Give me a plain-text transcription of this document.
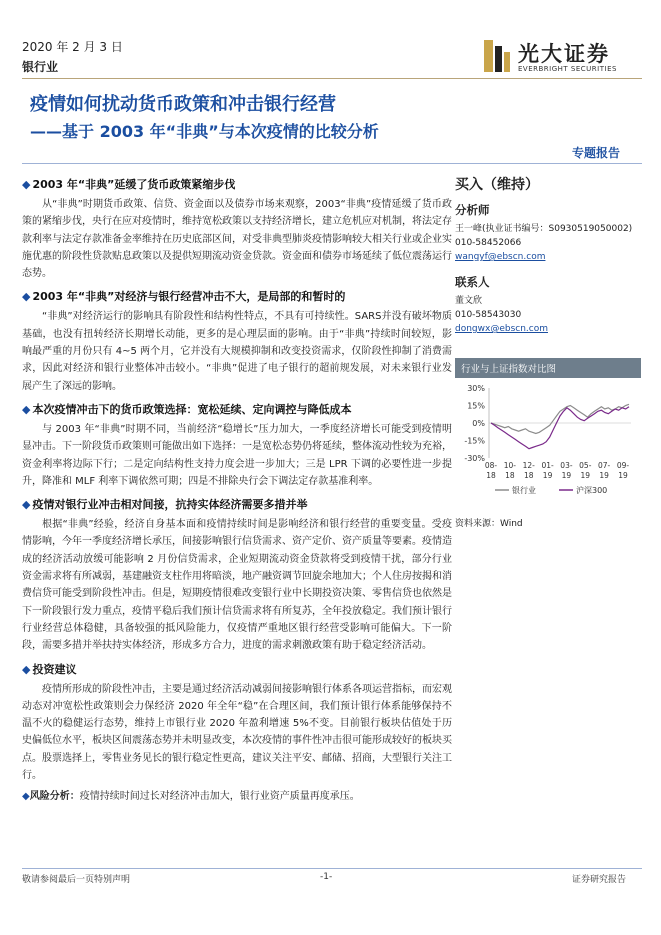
2020 年 2 月 3 日
银行业
光大证券
EVERBRIGHT SECURITIES
疫情如何扰动货币政策和冲击银行经营
——基于 2003 年“非典”与本次疫情的比较分析
专题报告
◆ 2003 年“非典”延缓了货币政策紧缩步伐

从“非典”时期货币政策、信贷、资金面以及债券市场来观察，2003“非典”疫情延缓了货币政策的紧缩步伐，央行在应对疫情时，维持宽松政策以支持经济增长，建立危机应对机制，将法定存款利率与法定存款准备金率维持在历史底部区间，对受非典型肺炎疫情影响较大相关行业或企业实施优惠的阶段性贷款贴息政策以及提供短期流动资金贷款。资金面和债券市场延续了低位震荡运行态势。

◆ 2003 年“非典”对经济与银行经营冲击不大，是局部的和暂时的

“非典”对经济运行的影响具有阶段性和结构性特点，不具有可持续性。SARS并没有破坏物质基础，也没有扭转经济长期增长动能，更多的是心理层面的影响。由于“非典”持续时间较短，影响最严重的月份只有 4~5 两个月，它并没有大规模抑制和改变投资需求，仅阶段性抑制了消费需求，因此对经济和银行业整体冲击较小。“非典”促进了电子银行的超前规发展，对未来银行业发展产生了深远的影响。

◆ 本次疫情冲击下的货币政策选择：宽松延续、定向调控与降低成本

与 2003 年“非典”时期不同，当前经济“稳增长”压力加大，一季度经济增长可能受到疫情明显冲击。下一阶段货币政策则可能做出如下选择：一是宽松态势仍将延续，整体流动性较为充裕，资金利率将边际下行；二是定向结构性支持力度会进一步加大；三是 LPR 下调的必要性进一步提升，降准和 MLF 利率下调依然可期；四是不排除央行会下调法定存款基准利率。

◆ 疫情对银行业冲击相对间接，抗持实体经济需要多措并举

根据“非典”经验，经济自身基本面和疫情持续时间是影响经济和银行经营的重要变量。受疫情影响，今年一季度经济增长承压，间接影响银行信贷需求、资产定价、资产质量等要素。疫情造成的经济活动放缓可能影响 2 月份信贷需求，企业短期流动资金贷款将受到疫情干扰，部分行业资金需求将有所减弱，基建融资支柱作用将暗淡，地产融资调节回旋余地加大；个人住房按揭和消费信贷可能受到阶段性冲击。但是，短期疫情很难改变银行业中长期投资决策、零售信贷也依然是下一阶段银行发力重点，疫情平稳后我们预计信贷需求将有所复苏，全年投放稳定。我们预计银行行业经营总体稳健，具备较强的抵风险能力，仅疫情严重地区银行经营受影响可能偏大。下一阶段，需要多措并举扶持实体经济，形成多方合力，进度的需求刺激政策有助于稳定经济活动。

◆ 投资建议

疫情所形成的阶段性冲击，主要是通过经济活动减弱间接影响银行体系各项运营指标，而宏观动态对冲宽松性政策则会力保经济 2020 年全年“稳”在合理区间，我们预计银行体系能够保持不温不火的稳健运行态势，维持上市银行业 2020 年盈利增速 5%不变。目前银行板块估值处于历史偏低位水平，板块区间震荡态势并未明显改变，本次疫情的事件性冲击很可能形成较好的板块买点。股票选择上，零售业务见长的银行稳定性更高，建议关注平安、邮储、招商，大型银行关注工行。

◆风险分析：疫情持续时间过长对经济冲击加大，银行业资产质量再度承压。
买入（维持）
分析师
王一峰(执业证书编号：S0930519050002)
010-58452066
wangyf@ebscn.com
联系人
董文欣
010-58543030
dongwx@ebscn.com
行业与上证指数对比图
30%
15%
0%
-15%
-30%
08-
18
10-
18
12-
18
01-
19
03-
19
05-
19
07-
19
09-
19
银行业	沪深300
资料来源：Wind
敬请参阅最后一页特别声明	-1-	证券研究报告
